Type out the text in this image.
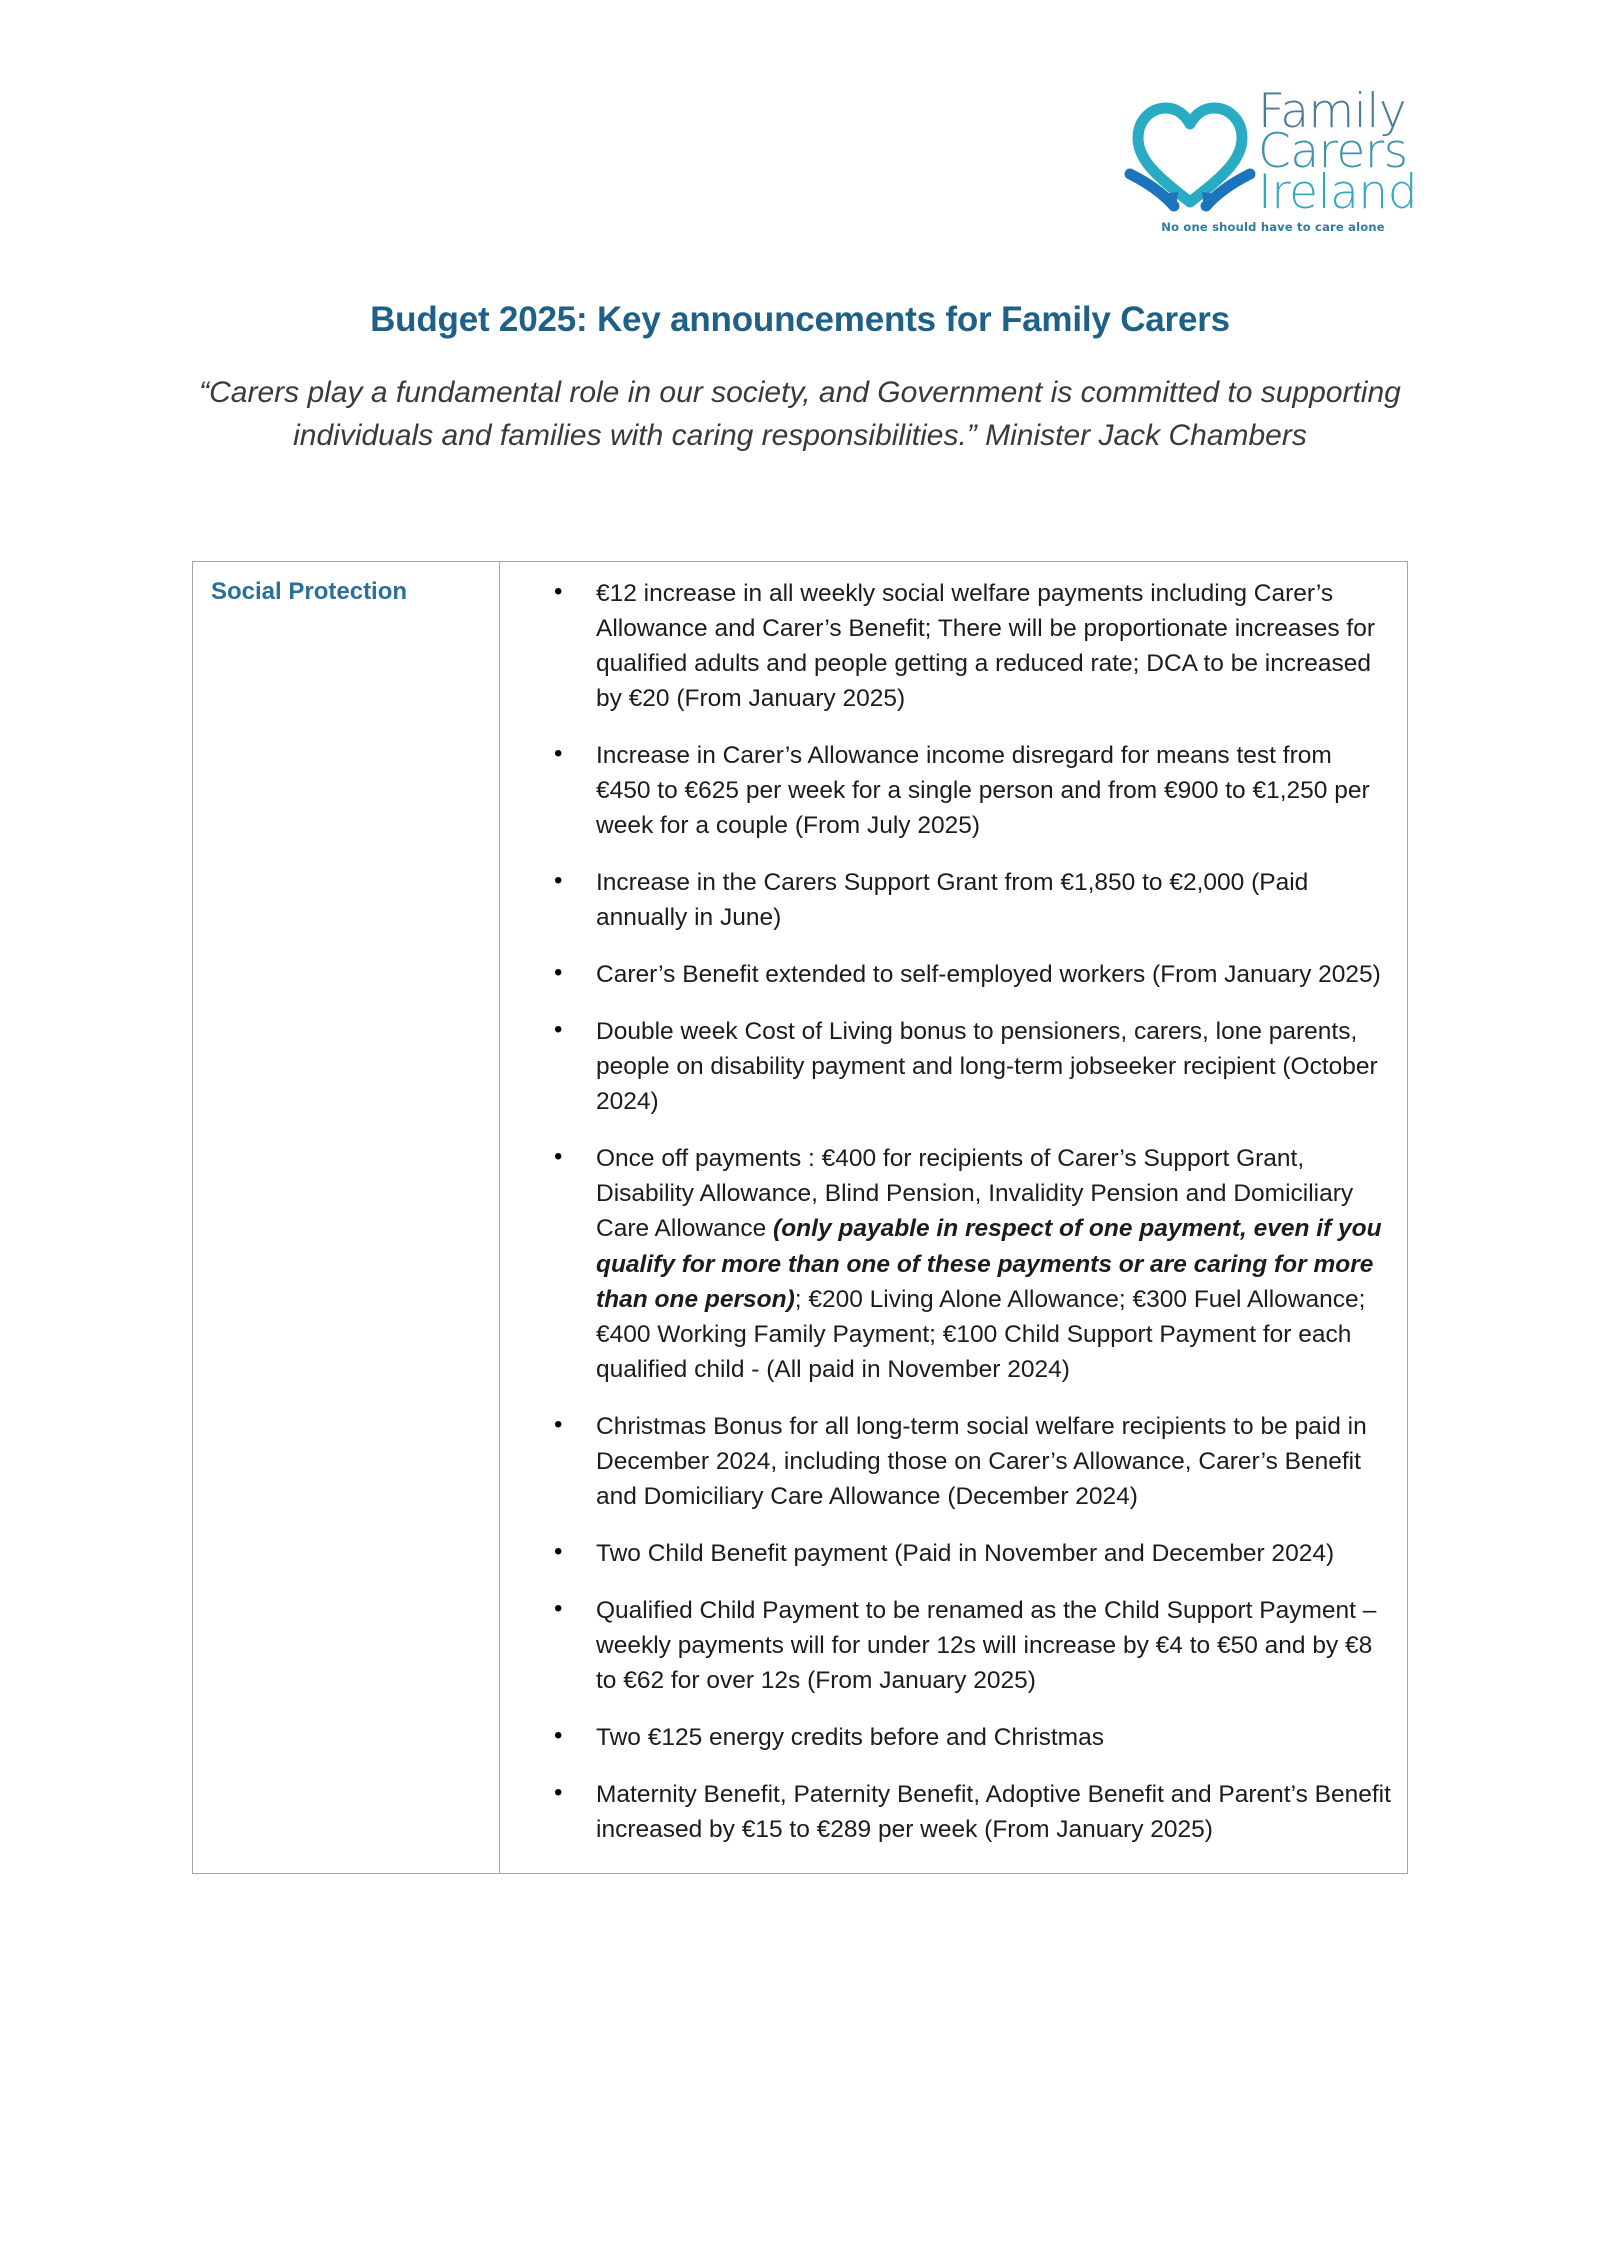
Family
Carers
Ireland
No one should have to care alone
Budget 2025: Key announcements for Family Carers
“Carers play a fundamental role in our society, and Government is committed to supporting individuals and families with caring responsibilities.” Minister Jack Chambers
Social Protection

•€12 increase in all weekly social welfare payments including Carer’s Allowance and Carer’s Benefit; There will be proportionate increases for qualified adults and people getting a reduced rate; DCA to be increased by €20 (From January 2025)
• Increase in Carer’s Allowance income disregard for means test from €450 to €625 per week for a single person and from €900 to €1,250 per week for a couple (From July 2025)
• Increase in the Carers Support Grant from €1,850 to €2,000 (Paid annually in June)
• Carer’s Benefit extended to self-employed workers (From January 2025)
• Double week Cost of Living bonus to pensioners, carers, lone parents, people on disability payment and long-term jobseeker recipient (October 2024)
• Once off payments : €400 for recipients of Carer’s Support Grant, Disability Allowance, Blind Pension, Invalidity Pension and Domiciliary Care Allowance (only payable in respect of one payment, even if you qualify for more than one of these payments or are caring for more than one person); €200 Living Alone Allowance; €300 Fuel Allowance; €400 Working Family Payment; €100 Child Support Payment for each qualified child - (All paid in November 2024)
• Christmas Bonus for all long-term social welfare recipients to be paid in December 2024, including those on Carer’s Allowance, Carer’s Benefit and Domiciliary Care Allowance (December 2024)
• Two Child Benefit payment (Paid in November and December 2024)
• Qualified Child Payment to be renamed as the Child Support Payment – weekly payments will for under 12s will increase by €4 to €50 and by €8 to €62 for over 12s (From January 2025)
• Two €125 energy credits before and Christmas
• Maternity Benefit, Paternity Benefit, Adoptive Benefit and Parent’s Benefit increased by €15 to €289 per week (From January 2025)
